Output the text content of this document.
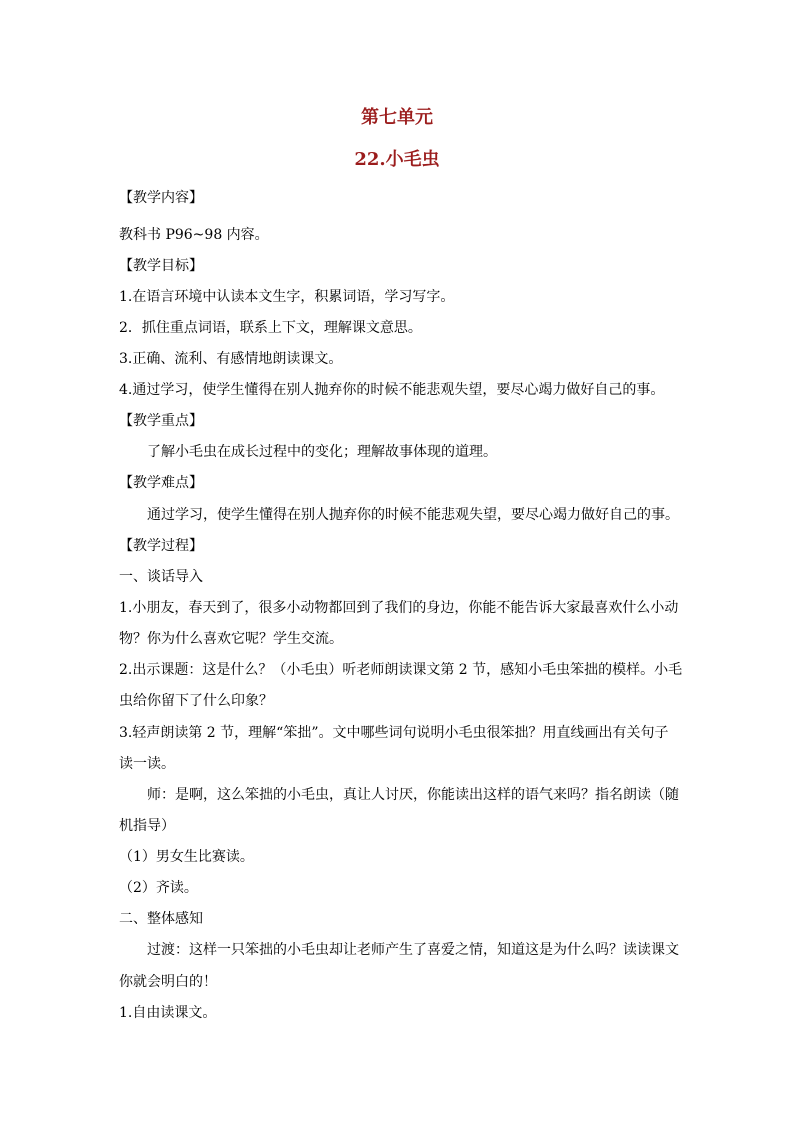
第七单元
22.小毛虫
【教学内容】
教科书 P96~98 内容。
【教学目标】
1.在语言环境中认读本文生字，积累词语，学习写字。
2．抓住重点词语，联系上下文，理解课文意思。
3.正确、流利、有感情地朗读课文。
4.通过学习，使学生懂得在别人抛弃你的时候不能悲观失望，要尽心竭力做好自己的事。
【教学重点】
了解小毛虫在成长过程中的变化；理解故事体现的道理。
【教学难点】
通过学习，使学生懂得在别人抛弃你的时候不能悲观失望，要尽心竭力做好自己的事。
【教学过程】
一、谈话导入
1.小朋友，春天到了，很多小动物都回到了我们的身边，你能不能告诉大家最喜欢什么小动
物？你为什么喜欢它呢？学生交流。
2.出示课题：这是什么？（小毛虫）听老师朗读课文第 2 节，感知小毛虫笨拙的模样。小毛
虫给你留下了什么印象？
3.轻声朗读第 2 节，理解“笨拙”。文中哪些词句说明小毛虫很笨拙？用直线画出有关句子
读一读。
师：是啊，这么笨拙的小毛虫，真让人讨厌，你能读出这样的语气来吗？指名朗读（随
机指导）
（1）男女生比赛读。
（2）齐读。
二、整体感知
过渡：这样一只笨拙的小毛虫却让老师产生了喜爱之情，知道这是为什么吗？读读课文
你就会明白的！
1.自由读课文。
